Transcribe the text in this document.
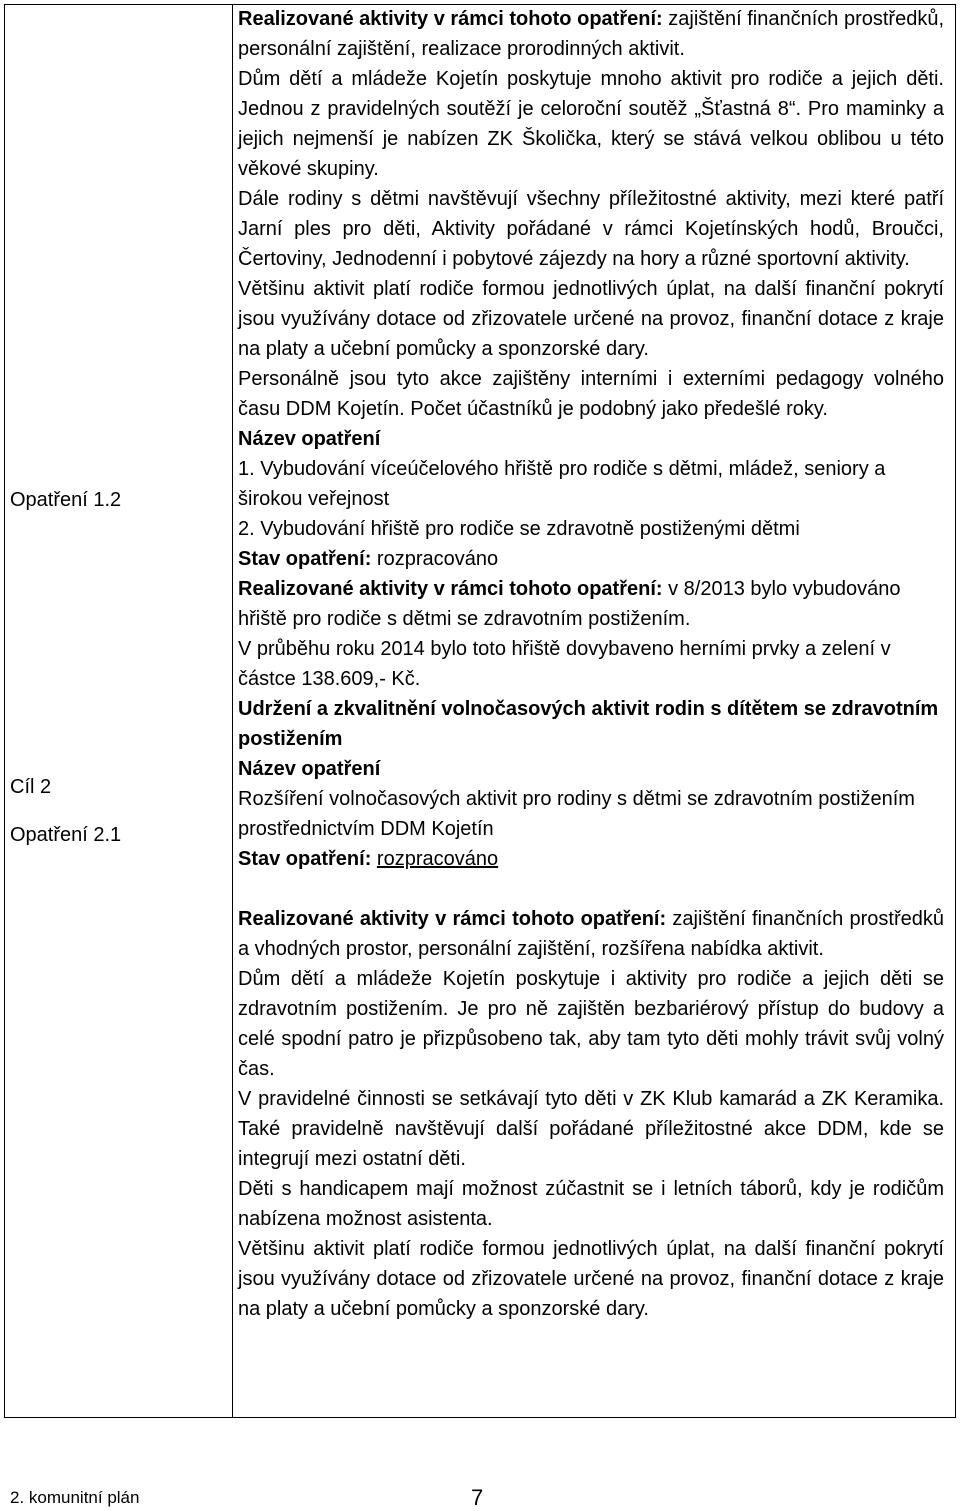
Opatření 1.2
Cíl 2
Opatření 2.1

Realizované aktivity v rámci tohoto opatření: zajištění finančních prostředků, personální zajištění, realizace prorodinných aktivit.

Dům dětí a mládeže Kojetín poskytuje mnoho aktivit pro rodiče a jejich děti. Jednou z pravidelných soutěží je celoroční soutěž „Šťastná 8“. Pro maminky a jejich nejmenší je nabízen ZK Školička, který se stává velkou oblibou u této věkové skupiny.

Dále rodiny s dětmi navštěvují všechny příležitostné aktivity, mezi které patří Jarní ples pro děti, Aktivity pořádané v rámci Kojetínských hodů, Broučci, Čertoviny, Jednodenní i pobytové zájezdy na hory a různé sportovní aktivity.

Většinu aktivit platí rodiče formou jednotlivých úplat, na další finanční pokrytí jsou využívány dotace od zřizovatele určené na provoz, finanční dotace z kraje na platy a učební pomůcky a sponzorské dary.

Personálně jsou tyto akce zajištěny interními i externími pedagogy volného času DDM Kojetín. Počet účastníků je podobný jako předešlé roky.

Název opatření

1. Vybudování víceúčelového hřiště pro rodiče s dětmi, mládež, seniory a širokou veřejnost

2. Vybudování hřiště pro rodiče se zdravotně postiženými dětmi

Stav opatření: rozpracováno

Realizované aktivity v rámci tohoto opatření: v 8/2013 bylo vybudováno hřiště pro rodiče s dětmi se zdravotním postižením.

V průběhu roku 2014 bylo toto hřiště dovybaveno herními prvky a zelení v částce 138.609,- Kč.

Udržení a zkvalitnění volnočasových aktivit rodin s dítětem se zdravotním postižením

Název opatření

Rozšíření volnočasových aktivit pro rodiny s dětmi se zdravotním postižením prostřednictvím DDM Kojetín

Stav opatření: rozpracováno

Realizované aktivity v rámci tohoto opatření: zajištění finančních prostředků a vhodných prostor, personální zajištění, rozšířena nabídka aktivit.

Dům dětí a mládeže Kojetín poskytuje i aktivity pro rodiče a jejich děti se zdravotním postižením. Je pro ně zajištěn bezbariérový přístup do budovy a celé spodní patro je přizpůsobeno tak, aby tam tyto děti mohly trávit svůj volný čas.

V pravidelné činnosti se setkávají tyto děti v ZK Klub kamarád a ZK Keramika. Také pravidelně navštěvují další pořádané příležitostné akce DDM, kde se integrují mezi ostatní děti.

Děti s handicapem mají možnost zúčastnit se i letních táborů, kdy je rodičům nabízena možnost asistenta.

Většinu aktivit platí rodiče formou jednotlivých úplat, na další finanční pokrytí jsou využívány dotace od zřizovatele určené na provoz, finanční dotace z kraje na platy a učební pomůcky a sponzorské dary.

2. komunitní plán	7
